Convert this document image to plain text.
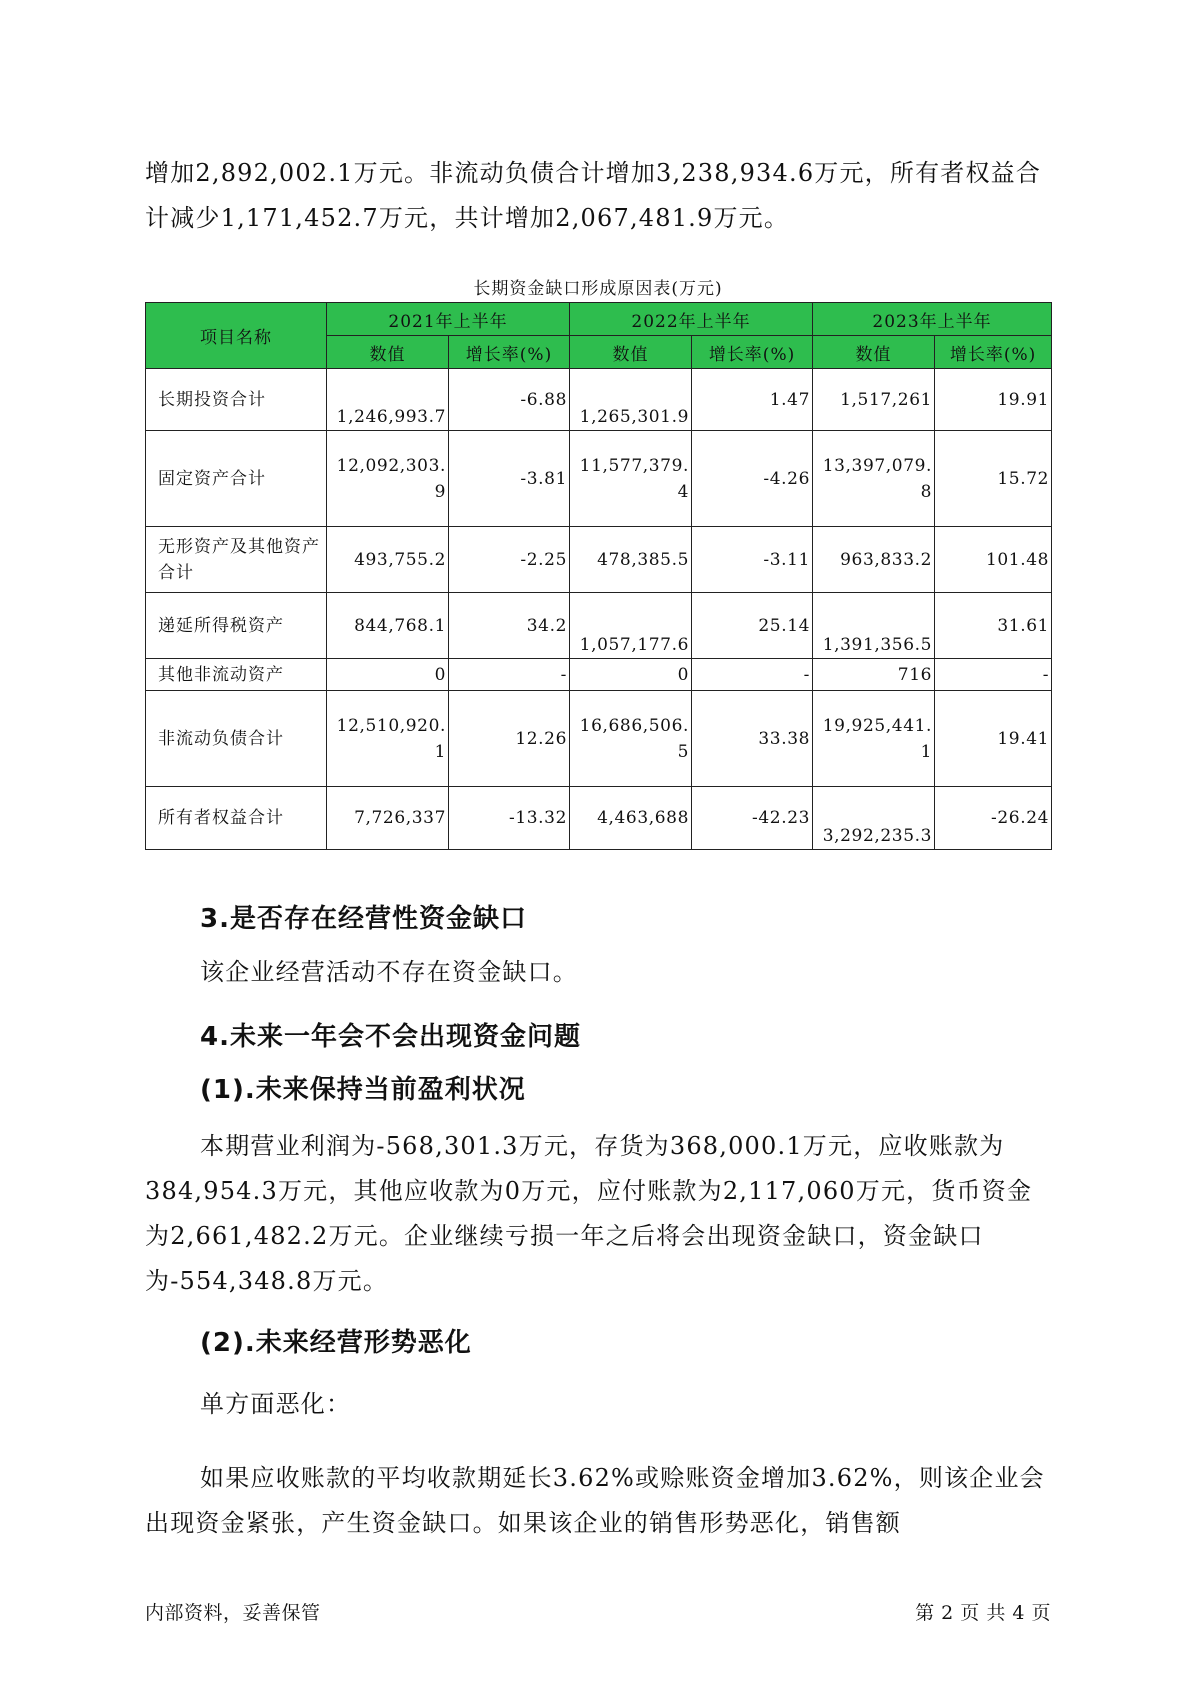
增加2,892,002.1万元。非流动负债合计增加3,238,934.6万元，所有者权益合计减少1,171,452.7万元，共计增加2,067,481.9万元。

长期资金缺口形成原因表(万元)
项目名称	2021年上半年		2022年上半年		2023年上半年	
	数值	增长率(%)	数值	增长率(%)	数值	增长率(%)
长期投资合计	1,246,993.7	-6.88	1,265,301.9	1.47	1,517,261	19.91
固定资产合计	12,092,303.9	-3.81	11,577,379.4	-4.26	13,397,079.8	15.72
无形资产及其他资产合计	493,755.2	-2.25	478,385.5	-3.11	963,833.2	101.48
递延所得税资产	844,768.1	34.2	1,057,177.6	25.14	1,391,356.5	31.61
其他非流动资产	0	-	0	-	716	-
非流动负债合计	12,510,920.1	12.26	16,686,506.5	33.38	19,925,441.1	19.41
所有者权益合计	7,726,337	-13.32	4,463,688	-42.23	3,292,235.3	-26.24
3.是否存在经营性资金缺口

该企业经营活动不存在资金缺口。

4.未来一年会不会出现资金问题
(1).未来保持当前盈利状况

本期营业利润为-568,301.3万元，存货为368,000.1万元，应收账款为384,954.3万元，其他应收款为0万元，应付账款为2,117,060万元，货币资金为2,661,482.2万元。企业继续亏损一年之后将会出现资金缺口，资金缺口为-554,348.8万元。

(2).未来经营形势恶化

单方面恶化：

如果应收账款的平均收款期延长3.62%或赊账资金增加3.62%，则该企业会出现资金紧张，产生资金缺口。如果该企业的销售形势恶化，销售额

内部资料，妥善保管	第 2 页 共 4 页
